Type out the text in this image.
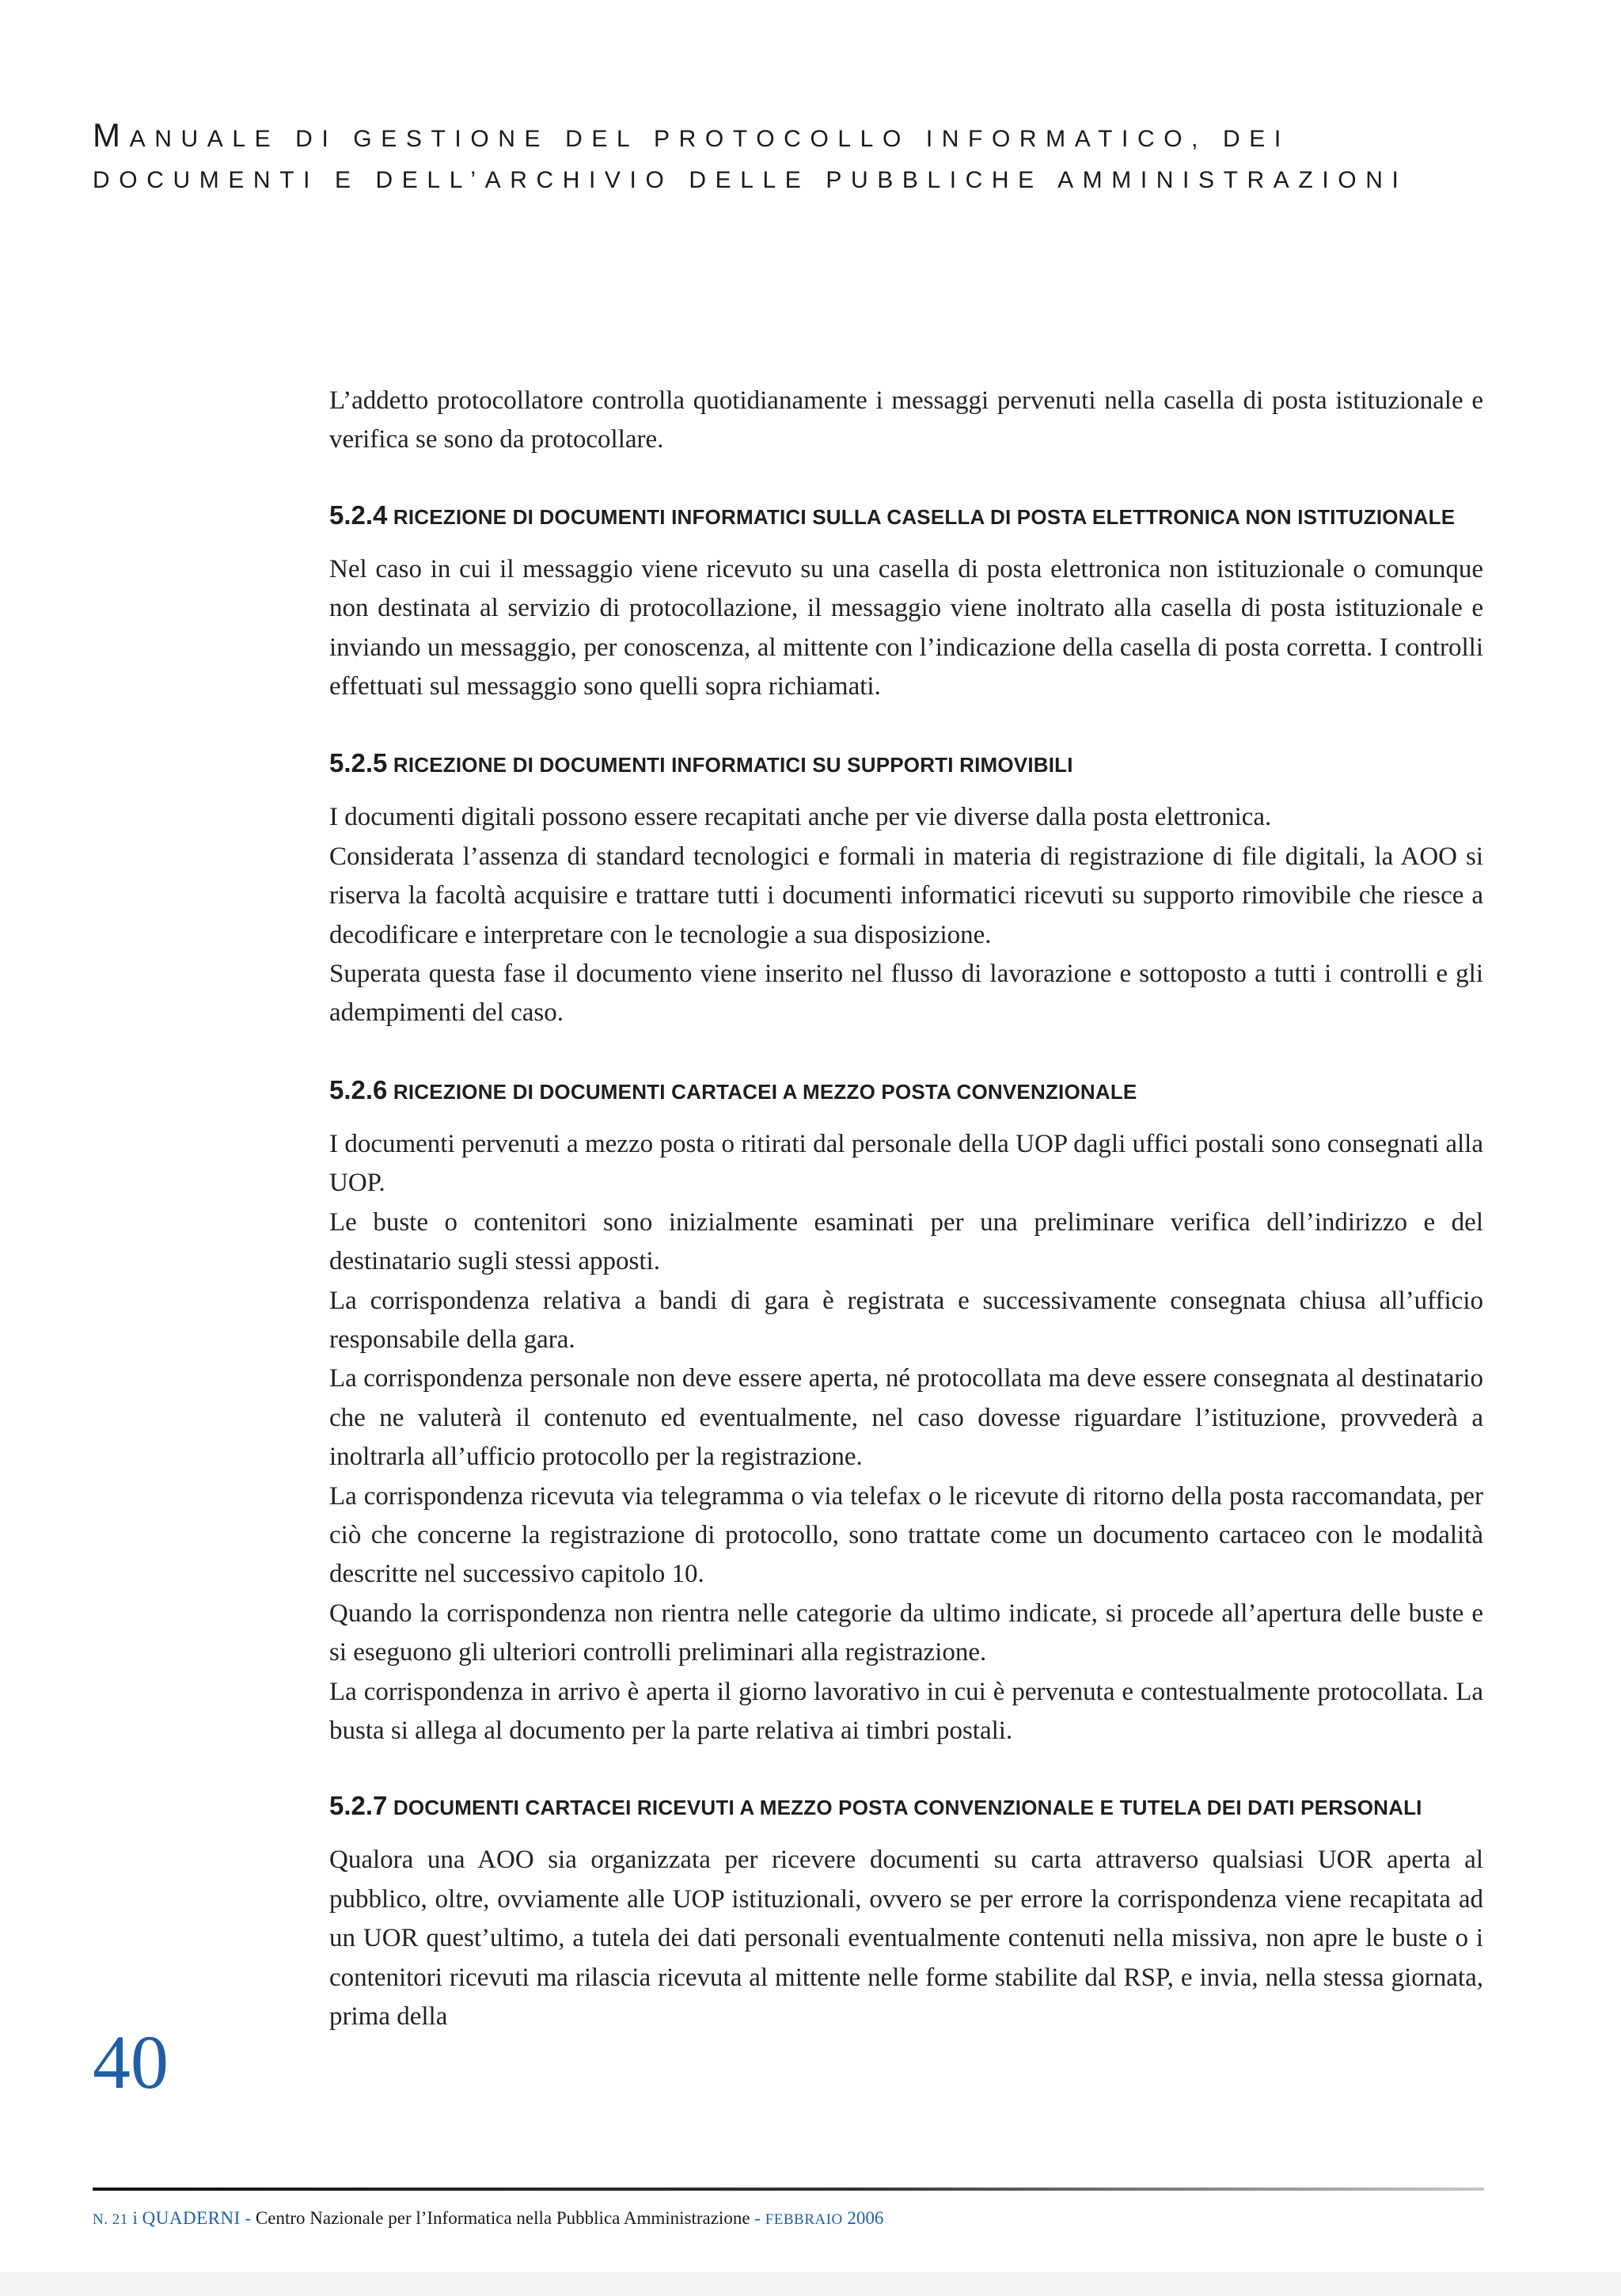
MANUALE DI GESTIONE DEL PROTOCOLLO INFORMATICO, DEI
DOCUMENTI E DELL’ARCHIVIO DELLE PUBBLICHE AMMINISTRAZIONI

L’addetto protocollatore controlla quotidianamente i messaggi pervenuti nella casella di posta istituzionale e verifica se sono da protocollare.

5.2.4 RICEZIONE DI DOCUMENTI INFORMATICI SULLA CASELLA DI POSTA ELETTRONICA NON ISTITUZIONALE

Nel caso in cui il messaggio viene ricevuto su una casella di posta elettronica non istituzionale o comunque non destinata al servizio di protocollazione, il messaggio viene inoltrato alla casella di posta istituzionale e inviando un messaggio, per conoscenza, al mittente con l’indicazione della casella di posta corretta. I controlli effettuati sul messaggio sono quelli sopra richiamati.

5.2.5 RICEZIONE DI DOCUMENTI INFORMATICI SU SUPPORTI RIMOVIBILI

I documenti digitali possono essere recapitati anche per vie diverse dalla posta elettronica.

Considerata l’assenza di standard tecnologici e formali in materia di registrazione di file digitali, la AOO si riserva la facoltà acquisire e trattare tutti i documenti informatici ricevuti su supporto rimovibile che riesce a decodificare e interpretare con le tecnologie a sua disposizione.

Superata questa fase il documento viene inserito nel flusso di lavorazione e sottoposto a tutti i controlli e gli adempimenti del caso.

5.2.6 RICEZIONE DI DOCUMENTI CARTACEI A MEZZO POSTA CONVENZIONALE

I documenti pervenuti a mezzo posta o ritirati dal personale della UOP dagli uffici postali sono consegnati alla UOP.

Le buste o contenitori sono inizialmente esaminati per una preliminare verifica dell’indirizzo e del destinatario sugli stessi apposti.

La corrispondenza relativa a bandi di gara è registrata e successivamente consegnata chiusa all’ufficio responsabile della gara.

La corrispondenza personale non deve essere aperta, né protocollata ma deve essere consegnata al destinatario che ne valuterà il contenuto ed eventualmente, nel caso dovesse riguardare l’istituzione, provvederà a inoltrarla all’ufficio protocollo per la registrazione.

La corrispondenza ricevuta via telegramma o via telefax o le ricevute di ritorno della posta raccomandata, per ciò che concerne la registrazione di protocollo, sono trattate come un documento cartaceo con le modalità descritte nel successivo capitolo 10.

Quando la corrispondenza non rientra nelle categorie da ultimo indicate, si procede all’apertura delle buste e si eseguono gli ulteriori controlli preliminari alla registrazione.

La corrispondenza in arrivo è aperta il giorno lavorativo in cui è pervenuta e contestualmente protocollata. La busta si allega al documento per la parte relativa ai timbri postali.

5.2.7 DOCUMENTI CARTACEI RICEVUTI A MEZZO POSTA CONVENZIONALE E TUTELA DEI DATI PERSONALI

Qualora una AOO sia organizzata per ricevere documenti su carta attraverso qualsiasi UOR aperta al pubblico, oltre, ovviamente alle UOP istituzionali, ovvero se per errore la corrispondenza viene recapitata ad un UOR quest’ultimo, a tutela dei dati personali eventualmente contenuti nella missiva, non apre le buste o i contenitori ricevuti ma rilascia ricevuta al mittente nelle forme stabilite dal RSP, e invia, nella stessa giornata, prima della

40
N. 21 i QUADERNI - Centro Nazionale per l’Informatica nella Pubblica Amministrazione - FEBBRAIO 2006
